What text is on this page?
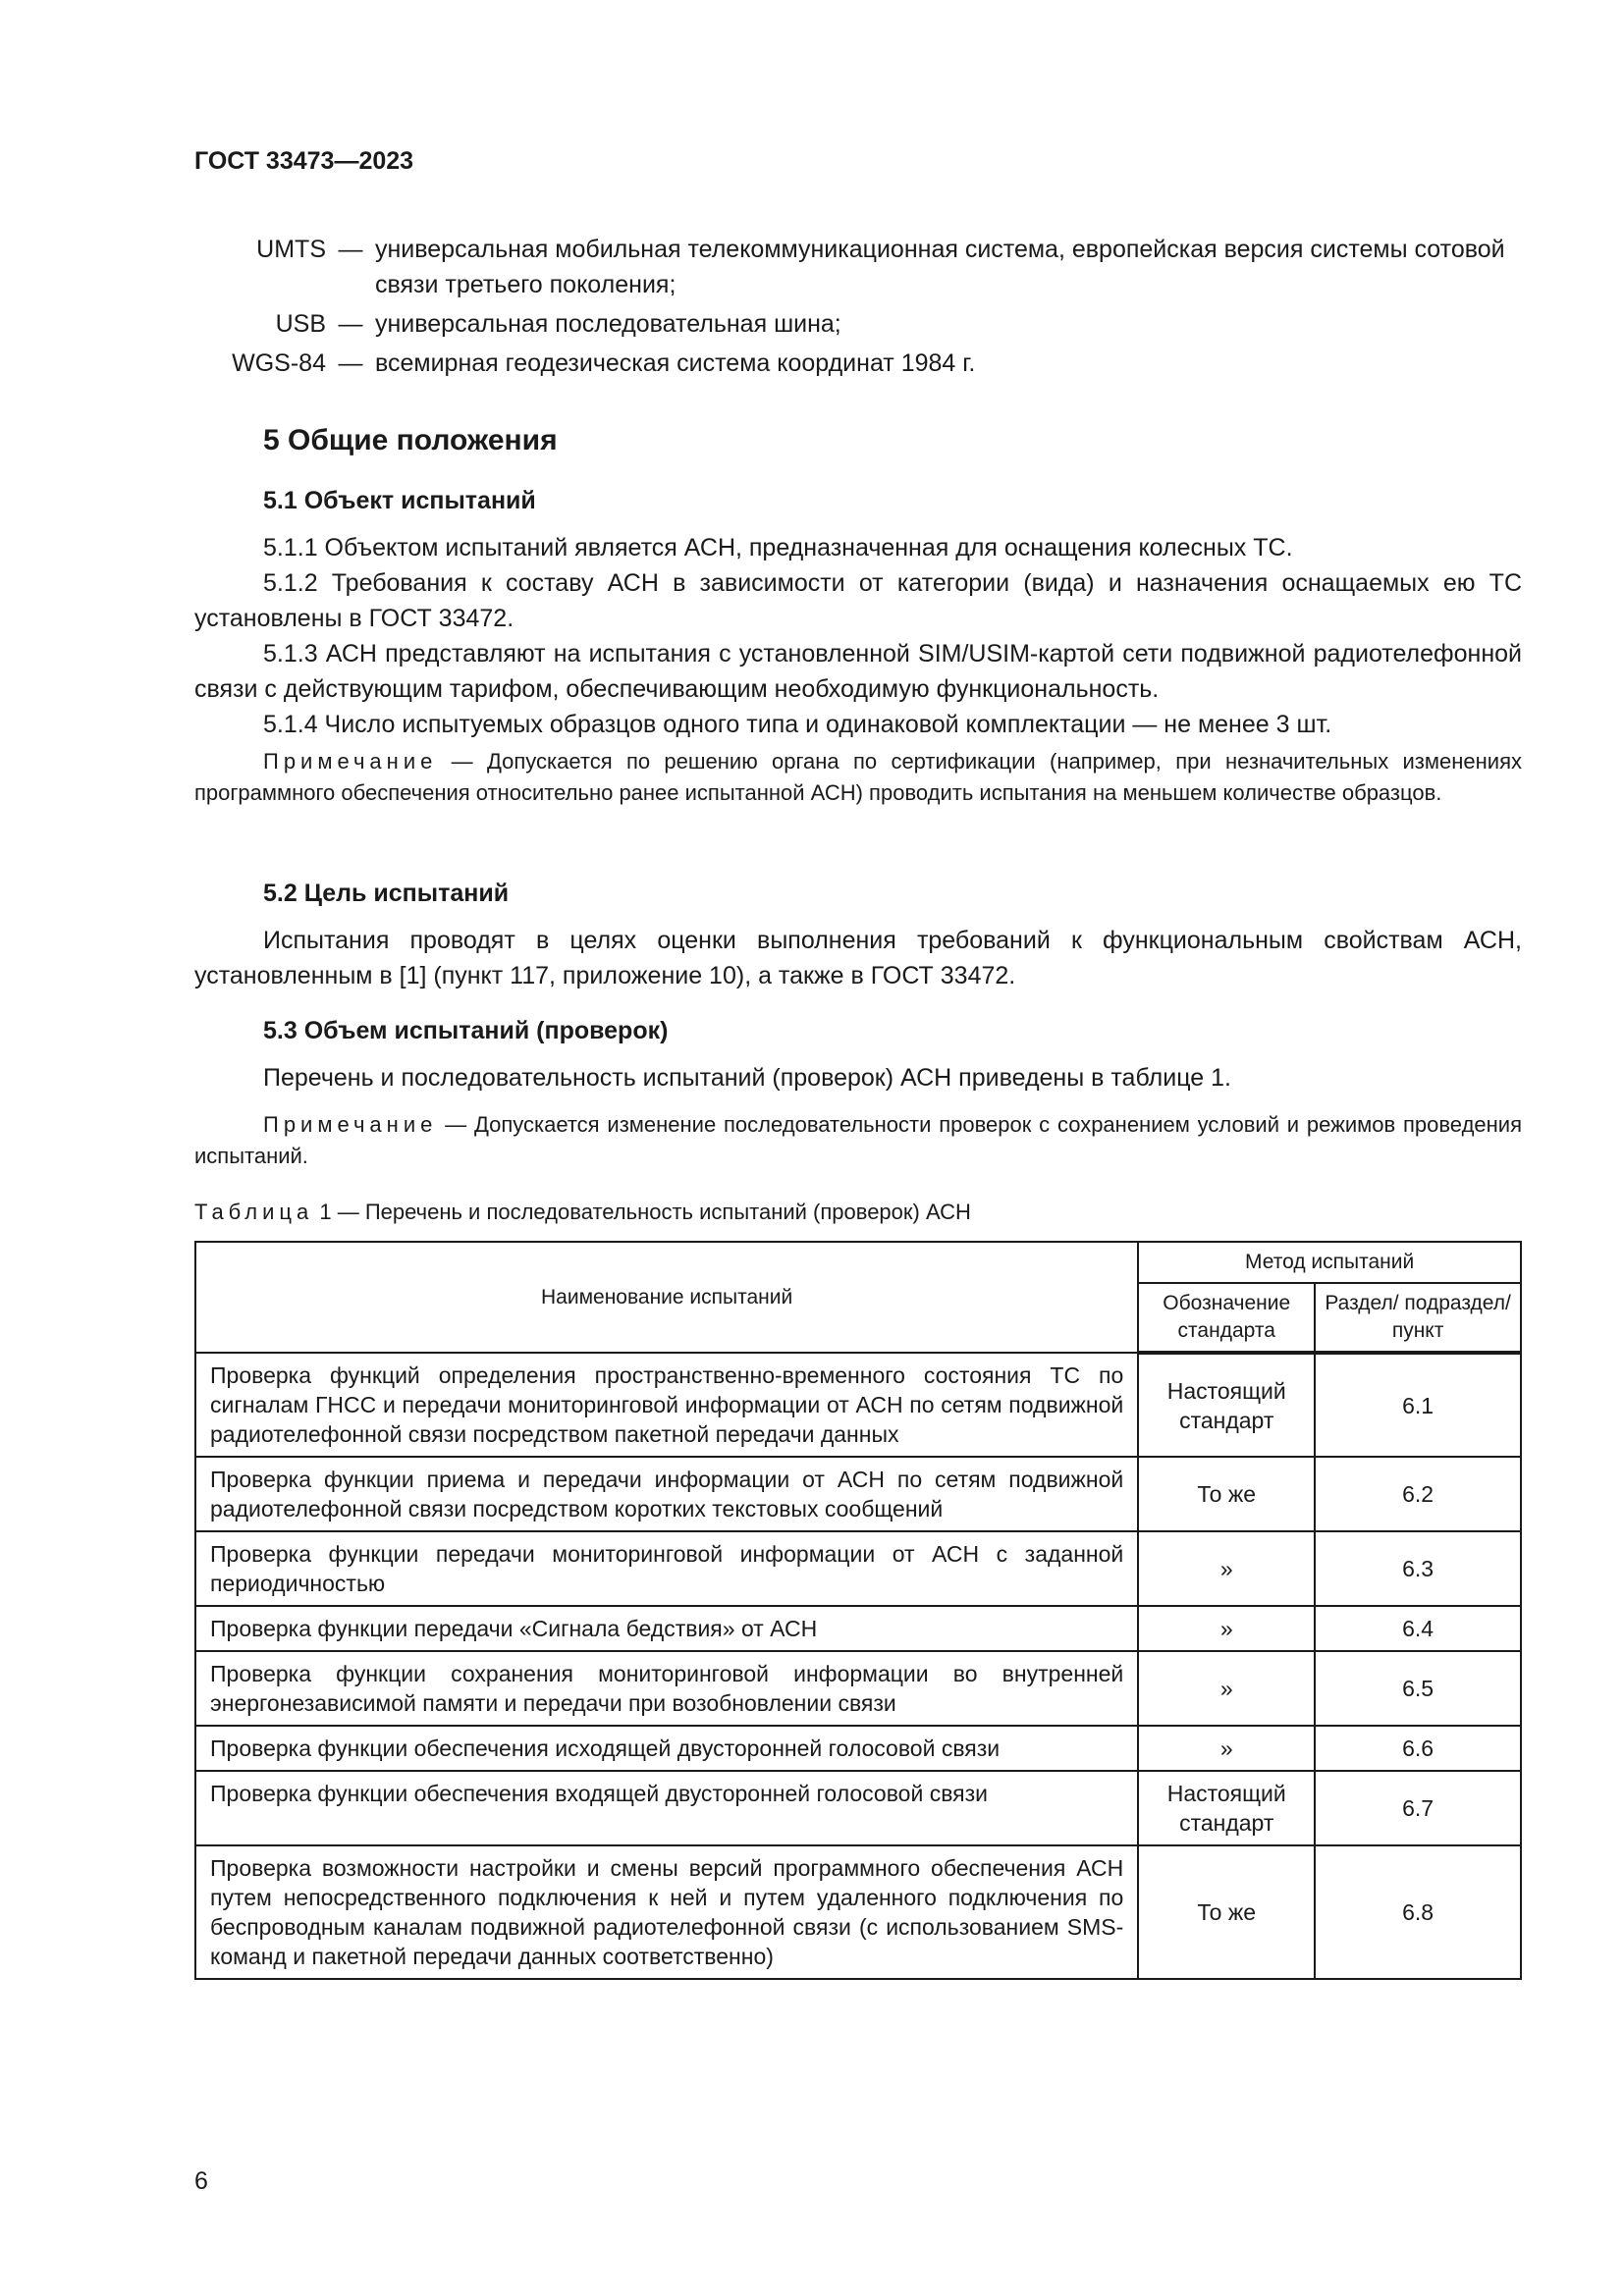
ГОСТ 33473—2023
UMTS — универсальная мобильная телекоммуникационная система, европейская версия системы сотовой связи третьего поколения;
USB — универсальная последовательная шина;
WGS-84 — всемирная геодезическая система координат 1984 г.
5 Общие положения
5.1 Объект испытаний

5.1.1 Объектом испытаний является АСН, предназначенная для оснащения колесных ТС.

5.1.2 Требования к составу АСН в зависимости от категории (вида) и назначения оснащаемых ею ТС установлены в ГОСТ 33472.

5.1.3 АСН представляют на испытания с установленной SIM/USIM-картой сети подвижной радиотелефонной связи с действующим тарифом, обеспечивающим необходимую функциональность.

5.1.4 Число испытуемых образцов одного типа и одинаковой комплектации — не менее 3 шт.

Примечание — Допускается по решению органа по сертификации (например, при незначительных изменениях программного обеспечения относительно ранее испытанной АСН) проводить испытания на меньшем количестве образцов.

5.2 Цель испытаний

Испытания проводят в целях оценки выполнения требований к функциональным свойствам АСН, установленным в [1] (пункт 117, приложение 10), а также в ГОСТ 33472.

5.3 Объем испытаний (проверок)

Перечень и последовательность испытаний (проверок) АСН приведены в таблице 1.

Примечание — Допускается изменение последовательности проверок с сохранением условий и режимов проведения испытаний.

Таблица 1 — Перечень и последовательность испытаний (проверок) АСН
Наименование испытаний	Метод испытаний	
	Обозначение стандарта	Раздел/ подраздел/пункт
Проверка функций определения пространственно-временного состояния ТС по сигналам ГНСС и передачи мониторинговой информации от АСН по сетям подвижной радиотелефонной связи посредством пакетной передачи данных	Настоящий стандарт	6.1
Проверка функции приема и передачи информации от АСН по сетям подвижной радиотелефонной связи посредством коротких текстовых сообщений	То же	6.2
Проверка функции передачи мониторинговой информации от АСН с заданной периодичностью	»	6.3
Проверка функции передачи «Сигнала бедствия» от АСН	»	6.4
Проверка функции сохранения мониторинговой информации во внутренней энергонезависимой памяти и передачи при возобновлении связи	»	6.5
Проверка функции обеспечения исходящей двусторонней голосовой связи	»	6.6
Проверка функции обеспечения входящей двусторонней голосовой связи	Настоящий стандарт	6.7
Проверка возможности настройки и смены версий программного обеспечения АСН путем непосредственного подключения к ней и путем удаленного подключения по беспроводным каналам подвижной радиотелефонной связи (с использованием SMS-команд и пакетной передачи данных соответственно)	То же	6.8
6
